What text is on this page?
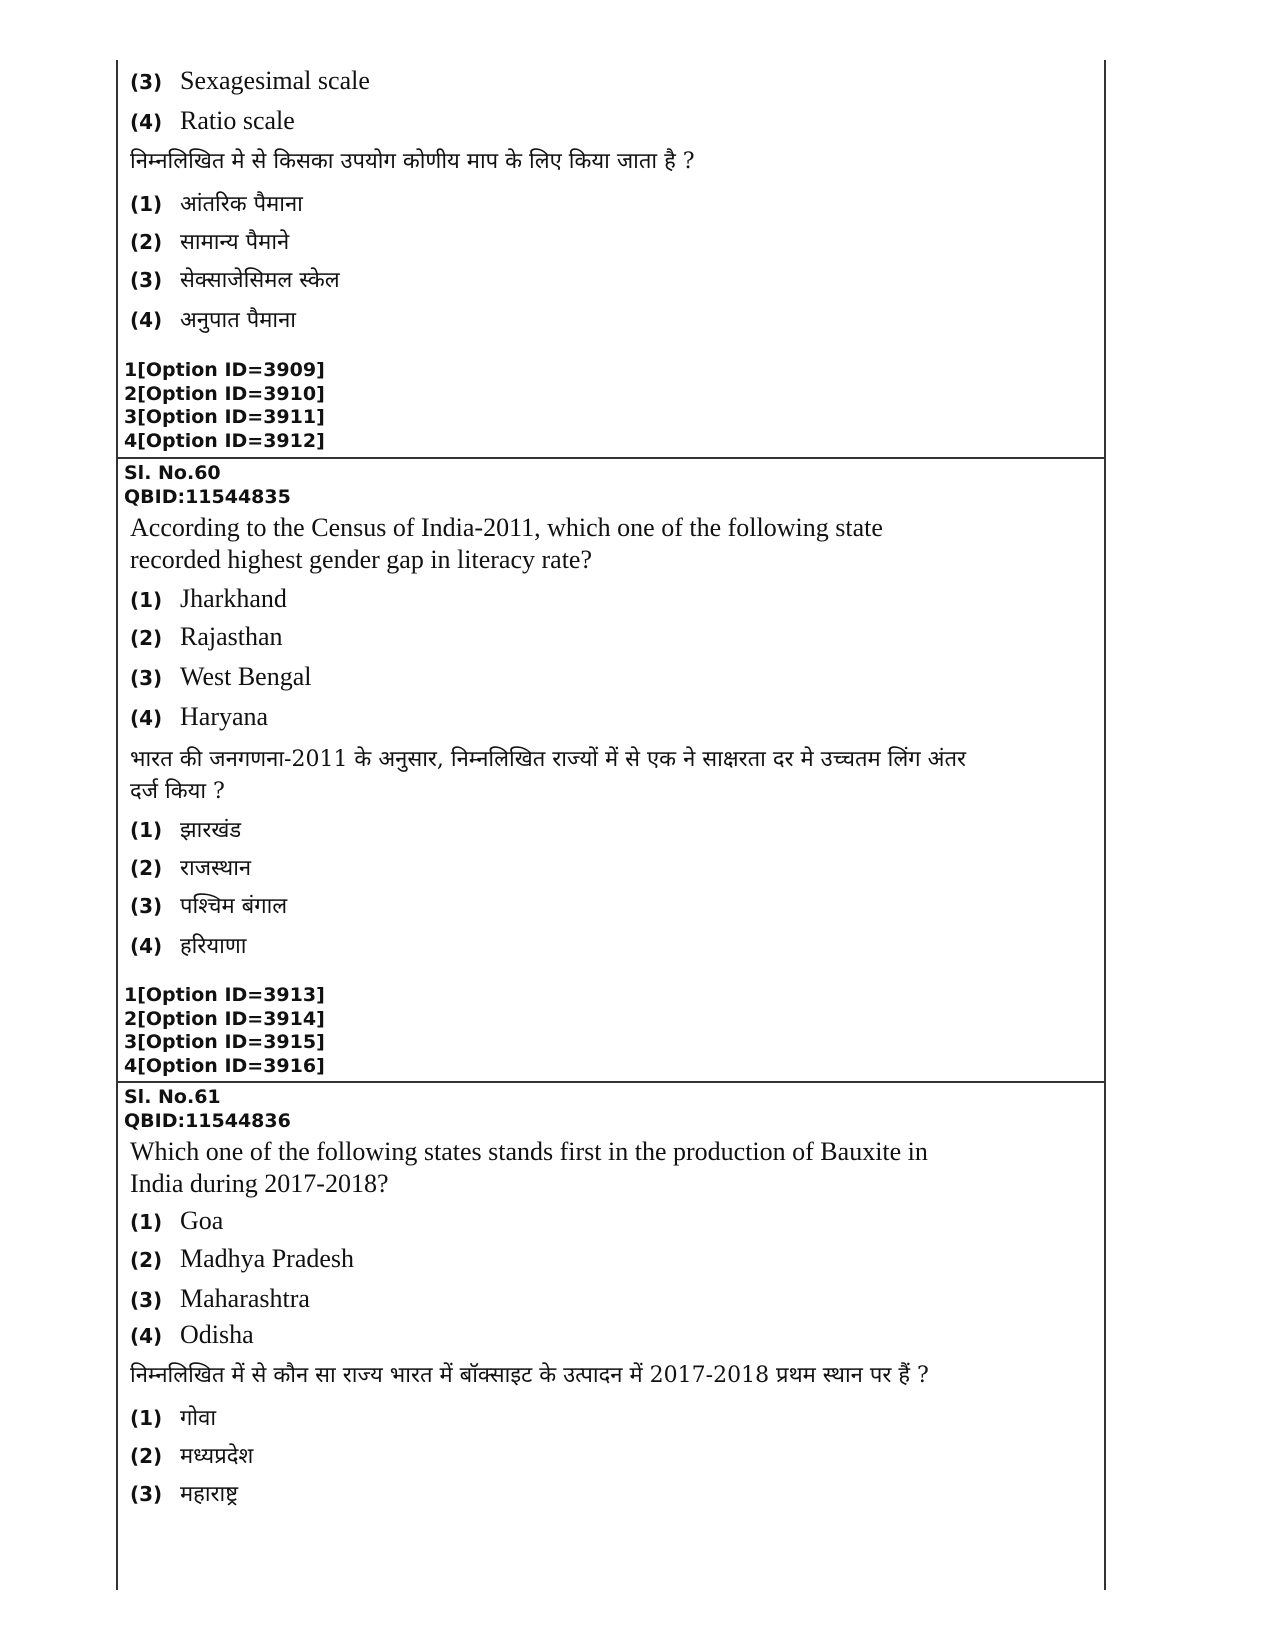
(3) Sexagesimal scale
(4) Ratio scale
निम्नलिखित मे से किसका उपयोग कोणीय माप के लिए किया जाता है ?
(1) आंतरिक पैमाना
(2) सामान्य पैमाने
(3) सेक्साजेसिमल स्केल
(4) अनुपात पैमाना
1[Option ID=3909]
2[Option ID=3910]
3[Option ID=3911]
4[Option ID=3912]
Sl. No.60
QBID:11544835
According to the Census of India-2011, which one of the following state
recorded highest gender gap in literacy rate?
(1) Jharkhand
(2) Rajasthan
(3) West Bengal
(4) Haryana
भारत की जनगणना-2011 के अनुसार, निम्नलिखित राज्यों में से एक ने साक्षरता दर मे उच्चतम लिंग अंतर
दर्ज किया ?
(1) झारखंड
(2) राजस्थान
(3) पश्चिम बंगाल
(4) हरियाणा
1[Option ID=3913]
2[Option ID=3914]
3[Option ID=3915]
4[Option ID=3916]
Sl. No.61
QBID:11544836
Which one of the following states stands first in the production of Bauxite in
India during 2017-2018?
(1) Goa
(2) Madhya Pradesh
(3) Maharashtra
(4) Odisha
निम्नलिखित में से कौन सा राज्य भारत में बॉक्साइट के उत्पादन में 2017-2018 प्रथम स्थान पर हैं ?
(1) गोवा
(2) मध्यप्रदेश
(3) महाराष्ट्र
